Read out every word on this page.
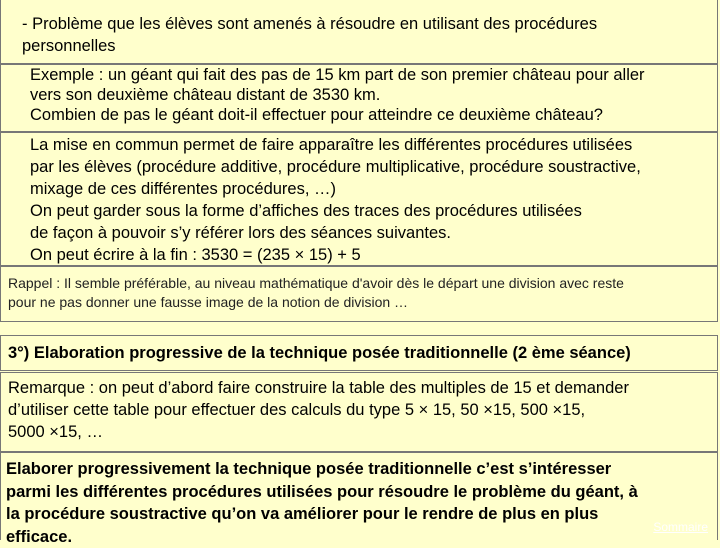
- Problème que les élèves sont amenés à résoudre en utilisant des procédures
personnelles

Exemple : un géant qui fait des pas de 15 km part de son premier château pour aller
vers son deuxième château distant de 3530 km.
Combien de pas le géant doit-il effectuer pour atteindre ce deuxième château?

La mise en commun permet de faire apparaître les différentes procédures utilisées
par les élèves (procédure additive, procédure multiplicative, procédure soustractive,
mixage de ces différentes procédures, …)
On peut garder sous la forme d’affiches des traces des procédures utilisées
de façon à pouvoir s’y référer lors des séances suivantes.
On peut écrire à la fin : 3530 = (235 × 15) + 5

Rappel : Il semble préférable, au niveau mathématique d'avoir dès le départ une division avec reste
pour ne pas donner une fausse image de la notion de division …

3°) Elaboration progressive de la technique posée traditionnelle (2 ème séance)

Remarque : on peut d’abord faire construire la table des multiples de 15 et demander
d’utiliser cette table pour effectuer des calculs du type 5 × 15, 50 ×15, 500 ×15,
5000 ×15, …

Elaborer progressivement la technique posée traditionnelle c’est s’intéresser
parmi les différentes procédures utilisées pour résoudre le problème du géant, à
la procédure soustractive qu’on va améliorer pour le rendre de plus en plus
efficace.

Sommaire
